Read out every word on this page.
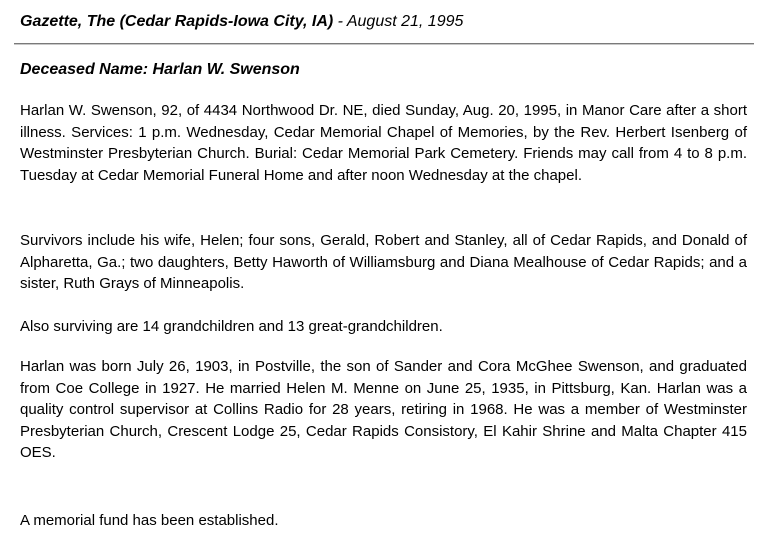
Gazette, The (Cedar Rapids-Iowa City, IA) - August 21, 1995
Deceased Name: Harlan W. Swenson

Harlan W. Swenson, 92, of 4434 Northwood Dr. NE, died Sunday, Aug. 20, 1995, in Manor Care after a short illness. Services: 1 p.m. Wednesday, Cedar Memorial Chapel of Memories, by the Rev. Herbert Isenberg of Westminster Presbyterian Church. Burial: Cedar Memorial Park Cemetery. Friends may call from 4 to 8 p.m. Tuesday at Cedar Memorial Funeral Home and after noon Wednesday at the chapel.

Survivors include his wife, Helen; four sons, Gerald, Robert and Stanley, all of Cedar Rapids, and Donald of Alpharetta, Ga.; two daughters, Betty Haworth of Williamsburg and Diana Mealhouse of Cedar Rapids; and a sister, Ruth Grays of Minneapolis.

Also surviving are 14 grandchildren and 13 great-grandchildren.

Harlan was born July 26, 1903, in Postville, the son of Sander and Cora McGhee Swenson, and graduated from Coe College in 1927. He married Helen M. Menne on June 25, 1935, in Pittsburg, Kan. Harlan was a quality control supervisor at Collins Radio for 28 years, retiring in 1968. He was a member of Westminster Presbyterian Church, Crescent Lodge 25, Cedar Rapids Consistory, El Kahir Shrine and Malta Chapter 415 OES.

A memorial fund has been established.
